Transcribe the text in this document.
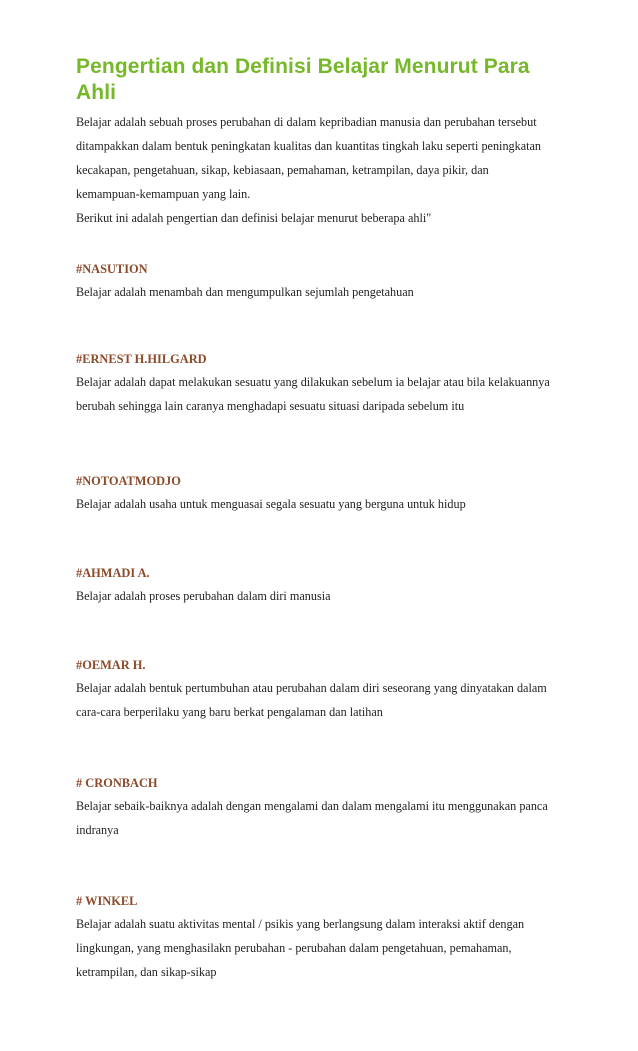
Pengertian dan Definisi Belajar Menurut Para Ahli

Belajar adalah sebuah proses perubahan di dalam kepribadian manusia dan perubahan tersebut
ditampakkan dalam bentuk peningkatan kualitas dan kuantitas tingkah laku seperti peningkatan
kecakapan, pengetahuan, sikap, kebiasaan, pemahaman, ketrampilan, daya pikir, dan
kemampuan-kemampuan yang lain.
Berikut ini adalah pengertian dan definisi belajar menurut beberapa ahli"

#NASUTION

Belajar adalah menambah dan mengumpulkan sejumlah pengetahuan

#ERNEST H.HILGARD

Belajar adalah dapat melakukan sesuatu yang dilakukan sebelum ia belajar atau bila kelakuannya
berubah sehingga lain caranya menghadapi sesuatu situasi daripada sebelum itu

#NOTOATMODJO

Belajar adalah usaha untuk menguasai segala sesuatu yang berguna untuk hidup

#AHMADI A.

Belajar adalah proses perubahan dalam diri manusia

#OEMAR H.

Belajar adalah bentuk pertumbuhan atau perubahan dalam diri seseorang yang dinyatakan dalam
cara-cara berperilaku yang baru berkat pengalaman dan latihan

# CRONBACH

Belajar sebaik-baiknya adalah dengan mengalami dan dalam mengalami itu menggunakan panca
indranya

# WINKEL

Belajar adalah suatu aktivitas mental / psikis yang berlangsung dalam interaksi aktif dengan
lingkungan, yang menghasilakn perubahan - perubahan dalam pengetahuan, pemahaman,
ketrampilan, dan sikap-sikap
